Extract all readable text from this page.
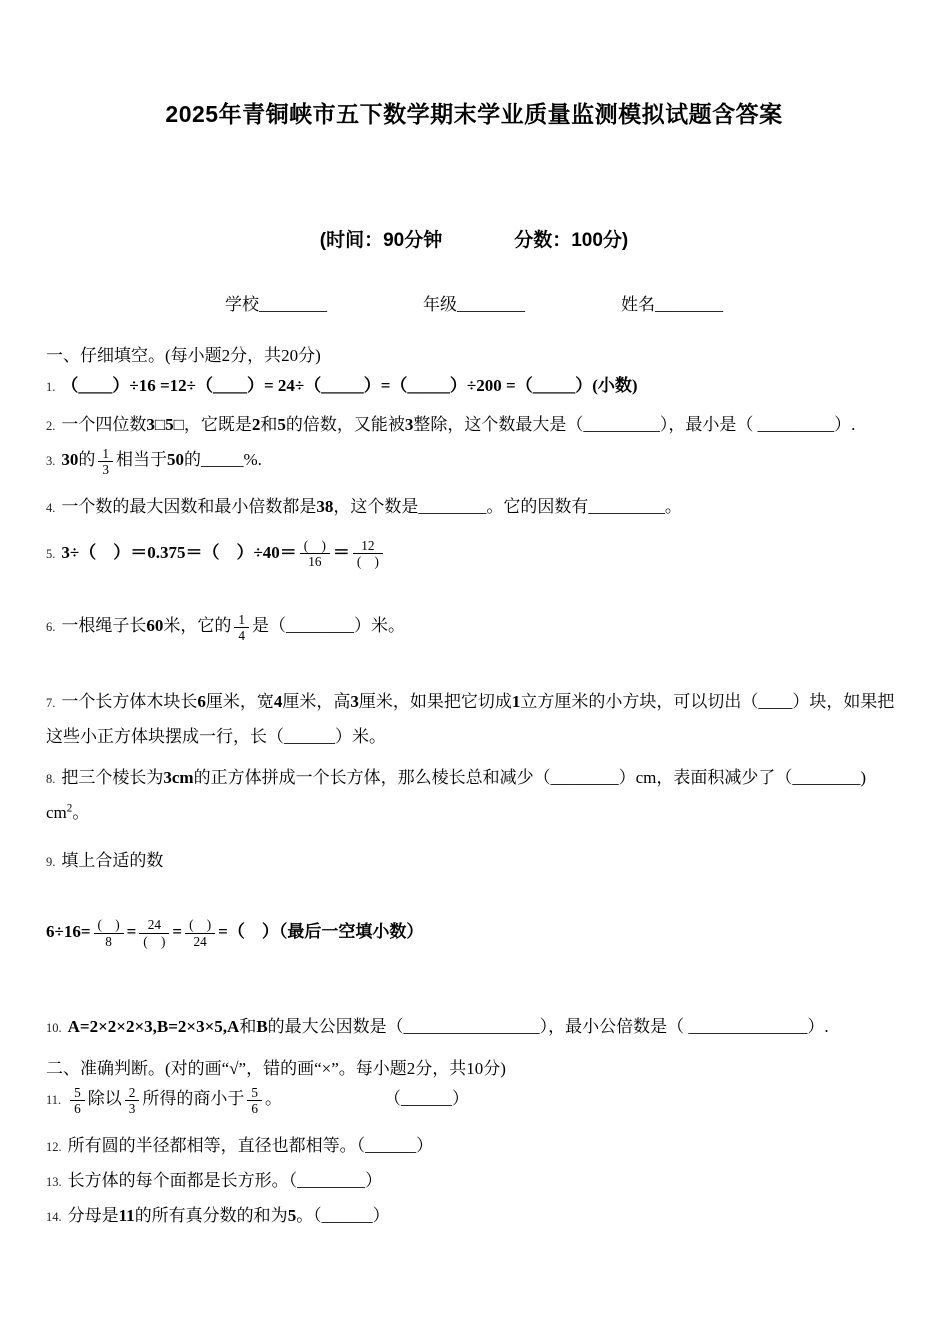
2025年青铜峡市五下数学期末学业质量监测模拟试题含答案
(时间：90分钟	分数：100分)
学校________	年级________	姓名________
一、仔细填空。(每小题2分，共20分)
1. （____）÷16 =12÷（____）= 24÷（_____）=（_____）÷200 =（_____）(小数)
2. 一个四位数3□5□，它既是2和5的倍数，又能被3整除，这个数最大是（_________），最小是（ _________）.
3. 30的 $\frac{1}{3}$ 相当于50的_____%.
4. 一个数的最大因数和最小倍数都是38，这个数是________。它的因数有_________。
5. 3÷（　）＝0.375＝（　）$\div 40= \frac{( )}{16} = \frac{12}{( )}$
6. 一根绳子长60米，它的 $\frac{1}{4}$ 是（________）米。
7. 一个长方体木块长6厘米，宽4厘米，高3厘米，如果把它切成1立方厘米的小方块，可以切出（____）块，如果把这些小正方体块摆成一行，长（______）米。
8. 把三个棱长为3cm的正方体拼成一个长方体，那么棱长总和减少（________）cm，表面积减少了（________) $cm^2$。
9. 填上合适的数
$6\div 16= \frac{( )}{8} = \frac{24}{( )} = \frac{( )}{24}$ =（　）（最后一空填小数）
10. A=2×2×2×3,B=2×3×5,A和B的最大公因数是（________________），最小公倍数是（ ______________）.
二、准确判断。(对的画“√”，错的画“×”。每小题2分，共10分)
11. $\frac{5}{6}$ 除以 $\frac{2}{3}$ 所得的商小于 $\frac{5}{6}$ 。　　　　　　　（______）
12. 所有圆的半径都相等，直径也都相等。（______）
13. 长方体的每个面都是长方形。（________）
14. 分母是11的所有真分数的和为5。（______）
